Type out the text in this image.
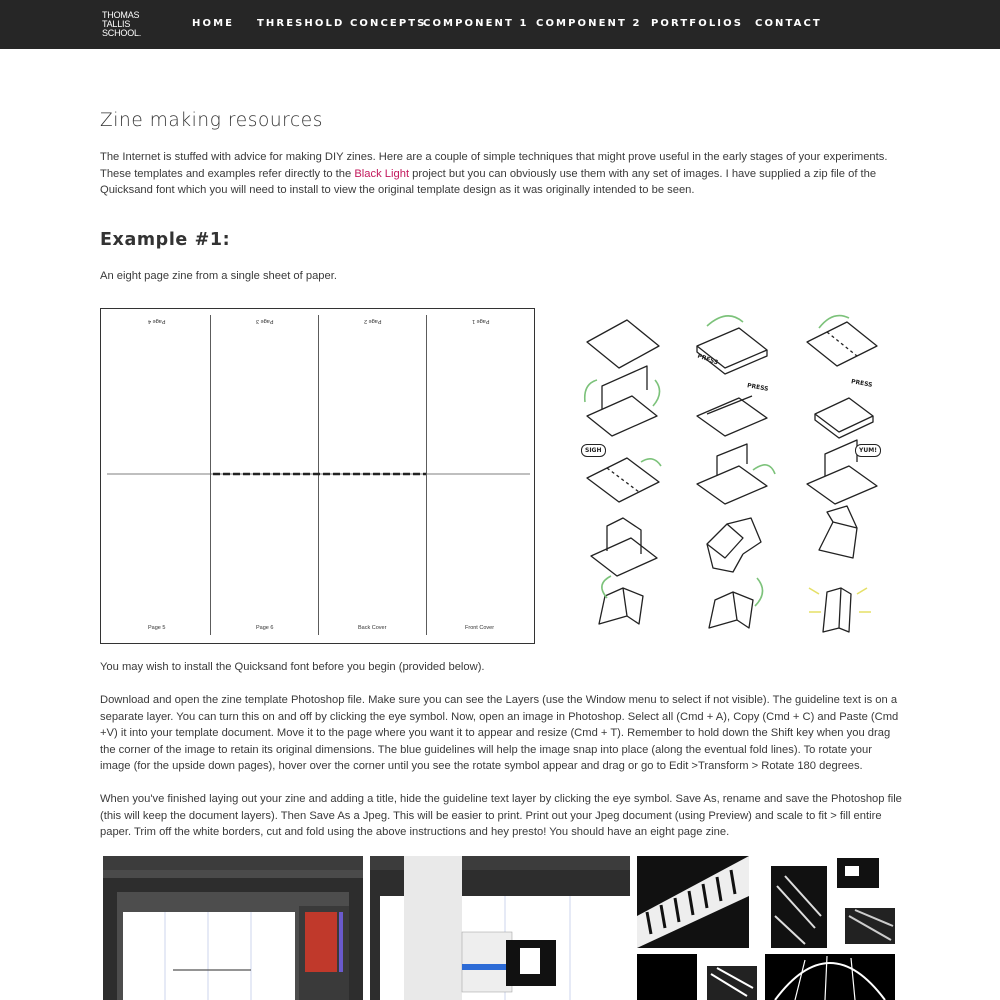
THOMAS
TALLIS
SCHOOL.
HOME THRESHOLD CONCEPTS
COMPONENT 1 COMPONENT 2 PORTFOLIOS CONTACT
Zine making resources

The Internet is stuffed with advice for making DIY zines. Here are a couple of simple techniques that might prove useful in the early stages of your experiments. These templates and examples refer directly to the Black Light project but you can obviously use them with any set of images. I have supplied a zip file of the Quicksand font which you will need to install to view the original template design as it was originally intended to be seen.

Example #1:

An eight page zine from a single sheet of paper.

Page 4	Page 3	Page 2	Page 1
Page 5	Page 6	Back Cover	Front Cover

You may wish to install the Quicksand font before you begin (provided below).

Download and open the zine template Photoshop file. Make sure you can see the Layers (use the Window menu to select if not visible). The guideline text is on a separate layer. You can turn this on and off by clicking the eye symbol. Now, open an image in Photoshop. Select all (Cmd + A), Copy (Cmd + C) and Paste (Cmd +V) it into your template document. Move it to the page where you want it to appear and resize (Cmd + T). Remember to hold down the Shift key when you drag the corner of the image to retain its original dimensions. The blue guidelines will help the image snap into place (along the eventual fold lines). To rotate your image (for the upside down pages), hover over the corner until you see the rotate symbol appear and drag or go to Edit >Transform > Rotate 180 degrees.

When you've finished laying out your zine and adding a title, hide the guideline text layer by clicking the eye symbol. Save As, rename and save the Photoshop file (this will keep the document layers). Then Save As a Jpeg. This will be easier to print. Print out your Jpeg document (using Preview) and scale to fit > fill entire paper. Trim off the white borders, cut and fold using the above instructions and hey presto! You should have an eight page zine.

PRESS
PRESS	PRESS
SIGH	YUM!
